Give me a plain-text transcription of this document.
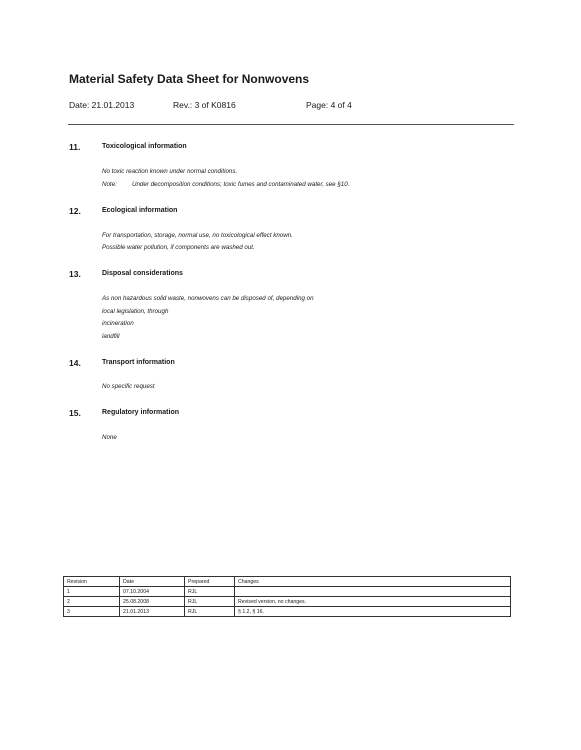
Material Safety Data Sheet for Nonwovens
Date: 21.01.2013	Rev.: 3 of K0816	Page: 4 of 4
11.	Toxicological information
No toxic reaction known under normal conditions.
Note: Under decomposition conditions; toxic fumes and contaminated water, see §10.
12.	Ecological information
For transportation, storage, normal use, no toxicological effect known.
Possible water pollution, if components are washed out.
13.	Disposal considerations
As non hazardous solid waste, nonwovens can be disposed of, depending on
local legislation, through
incineration
landfill
14.	Transport information
No specific request
15.	Regulatory information
None
Revision	Date	Prepared	Changes
1	07.10.2004	RJL	
2	25.08.2008	RJL	Revised version, no changes.
3	21.01.2013	RJL	§ 1.2, § 16.
